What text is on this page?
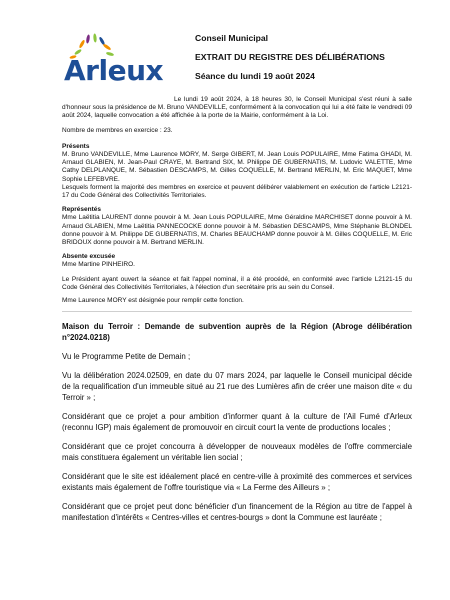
Arleux
Conseil Municipal
EXTRAIT DU REGISTRE DES DÉLIBÉRATIONS
Séance du lundi 19 août 2024

Le lundi 19 août 2024, à 18 heures 30, le Conseil Municipal s'est réuni à salle d'honneur sous la présidence de M. Bruno VANDEVILLE, conformément à la convocation qui lui a été faite le vendredi 09 août 2024, laquelle convocation a été affichée à la porte de la Mairie, conformément à la Loi.

Nombre de membres en exercice : 23.

Présents

M. Bruno VANDEVILLE, Mme Laurence MORY, M. Serge GIBERT, M. Jean Louis POPULAIRE, Mme Fatima GHADI, M. Arnaud GLABIEN, M. Jean-Paul CRAYE, M. Bertrand SIX, M. Philippe DE GUBERNATIS, M. Ludovic VALETTE, Mme Cathy DELPLANQUE, M. Sébastien DESCAMPS, M. Gilles COQUELLE, M. Bertrand MERLIN, M. Eric MAQUET, Mme Sophie LEFEBVRE.

Lesquels forment la majorité des membres en exercice et peuvent délibérer valablement en exécution de l'article L2121-17 du Code Général des Collectivités Territoriales.

Représentés

Mme Laëtitia LAURENT donne pouvoir à M. Jean Louis POPULAIRE, Mme Géraldine MARCHISET donne pouvoir à M. Arnaud GLABIEN, Mme Laëtitia PANNECOCKE donne pouvoir à M. Sébastien DESCAMPS, Mme Stéphanie BLONDEL donne pouvoir à M. Philippe DE GUBERNATIS, M. Charles BEAUCHAMP donne pouvoir à M. Gilles COQUELLE, M. Eric BRIDOUX donne pouvoir à M. Bertrand MERLIN.

Absente excusée

Mme Martine PINHEIRO.

Le Président ayant ouvert la séance et fait l'appel nominal, il a été procédé, en conformité avec l'article L2121-15 du Code Général des Collectivités Territoriales, à l'élection d'un secrétaire pris au sein du Conseil.

Mme Laurence MORY est désignée pour remplir cette fonction.

Maison du Terroir : Demande de subvention auprès de la Région (Abroge délibération n°2024.0218)

Vu le Programme Petite de Demain ;

Vu la délibération 2024.02509, en date du 07 mars 2024, par laquelle le Conseil municipal décide de la requalification d'un immeuble situé au 21 rue des Lumières afin de créer une maison dite « du Terroir » ;

Considérant que ce projet a pour ambition d'informer quant à la culture de l'Ail Fumé d'Arleux (reconnu IGP) mais également de promouvoir en circuit court la vente de productions locales ;

Considérant que ce projet concourra à développer de nouveaux modèles de l'offre commerciale mais constituera également un véritable lien social ;

Considérant que le site est idéalement placé en centre-ville à proximité des commerces et services existants mais également de l'offre touristique via « La Ferme des Ailleurs » ;

Considérant que ce projet peut donc bénéficier d'un financement de la Région au titre de l'appel à manifestation d'intérêts « Centres-villes et centres-bourgs » dont la Commune est lauréate ;
